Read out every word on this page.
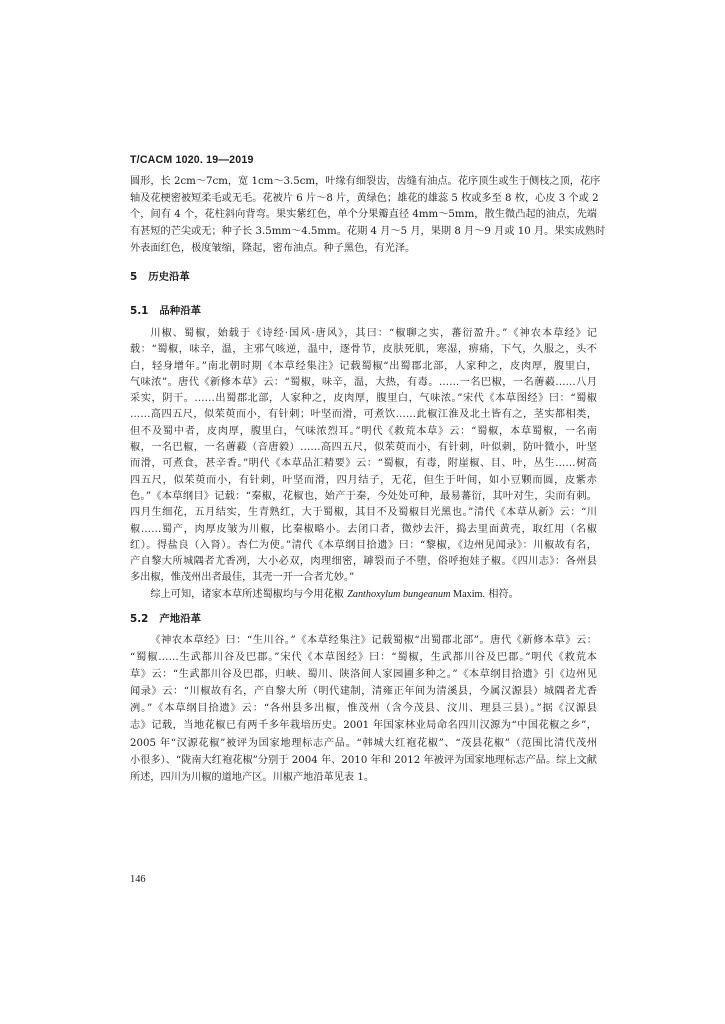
T/CACM 1020. 19—2019
圆形，长 2cm～7cm，宽 1cm～3.5cm，叶缘有细裂齿，齿缝有油点。花序顶生或生于侧枝之顶，花序
轴及花梗密被短柔毛或无毛。花被片 6 片～8 片，黄绿色；雄花的雄蕊 5 枚或多至 8 枚，心皮 3 个或 2
个，间有 4 个，花柱斜向背弯。果实紫红色，单个分果瓣直径 4mm～5mm，散生微凸起的油点，先端
有甚短的芒尖或无；种子长 3.5mm～4.5mm。花期 4 月～5 月，果期 8 月～9 月或 10 月。果实成熟时
外表面红色，极度皱缩，隆起，密布油点。种子黑色，有光泽。
5 历史沿革
5.1 品种沿革
川椒、蜀椒，始载于《诗经·国风·唐风》，其曰：“椒聊之实，蕃衍盈升。”《神农本草经》记
载：“蜀椒，味辛，温，主邪气咳逆，温中，逐骨节，皮肤死肌，寒湿，痹痛，下气，久服之，头不
白，轻身增年。”南北朝时期《本草经集注》记载蜀椒“出蜀郡北部，人家种之，皮肉厚，腹里白，
气味浓”。唐代《新修本草》云：“蜀椒，味辛，温，大热，有毒。……一名巴椒，一名蓎藙……八月
采实，阴干。……出蜀郡北部，人家种之，皮肉厚，腹里白，气味浓。”宋代《本草图经》曰：“蜀椒
……高四五尺，似茱萸而小，有针刺；叶坚而滑，可煮饮……此椒江淮及北土皆有之，茎实都相类，
但不及蜀中者，皮肉厚，腹里白，气味浓烈耳。”明代《救荒本草》云：“蜀椒，本草蜀椒，一名南
椒，一名巴椒，一名蓎藙（音唐毅）……高四五尺，似茱萸而小，有针刺，叶似刺，防叶微小，叶坚
而滑，可煮食，甚辛香。”明代《本草品汇精要》云：“蜀椒，有毒，附崖椒、目、叶，丛生……树高
四五尺，似茱萸而小，有针刺，叶坚而滑，四月结子，无花，但生于叶间，如小豆颗而圆，皮紫赤
色。”《本草纲目》记载：“秦椒，花椒也，始产于秦，今处处可种，最易蕃衍，其叶对生，尖而有刺。
四月生细花，五月结实，生青熟红，大于蜀椒，其目不及蜀椒目光黑也。”清代《本草从新》云：“川
椒……蜀产，肉厚皮皱为川椒，比秦椒略小。去闭口者，微炒去汗，捣去里面黄壳，取红用（名椒
红）。得盐良（入肾）。杏仁为使。”清代《本草纲目拾遗》曰：“黎椒，《边州见闻录》：川椒故有名，
产自黎大所城隅者尤香冽，大小必双，肉理细密，罅裂而子不堕，俗呼抱娃子椒。《四川志》：各州县
多出椒，惟茂州出者最佳，其壳一开一合者尤妙。”
综上可知，诸家本草所述蜀椒均与今用花椒 Zanthoxylum bungeanum Maxim. 相符。
5.2 产地沿革
《神农本草经》曰：“生川谷。”《本草经集注》记载蜀椒“出蜀郡北部”。唐代《新修本草》云：
“蜀椒……生武都川谷及巴郡。”宋代《本草图经》曰：“蜀椒，生武都川谷及巴郡。”明代《救荒本
草》云：“生武都川谷及巴郡，归峡、蜀川、陕洛间人家园圃多种之。”《本草纲目拾遗》引《边州见
闻录》云：“川椒故有名，产自黎大所（明代建制，清雍正年间为清溪县，今属汉源县）城隅者尤香
冽。”《本草纲目拾遗》云：“各州县多出椒，惟茂州（含今茂县、汶川、理县三县）。”据《汉源县
志》记载，当地花椒已有两千多年栽培历史。2001 年国家林业局命名四川汉源为“中国花椒之乡”，
2005 年“汉源花椒”被评为国家地理标志产品。“韩城大红袍花椒”、“茂县花椒”（范围比清代茂州
小很多）、“陇南大红袍花椒”分别于 2004 年、2010 年和 2012 年被评为国家地理标志产品。综上文献
所述，四川为川椒的道地产区。川椒产地沿革见表 1。
146
